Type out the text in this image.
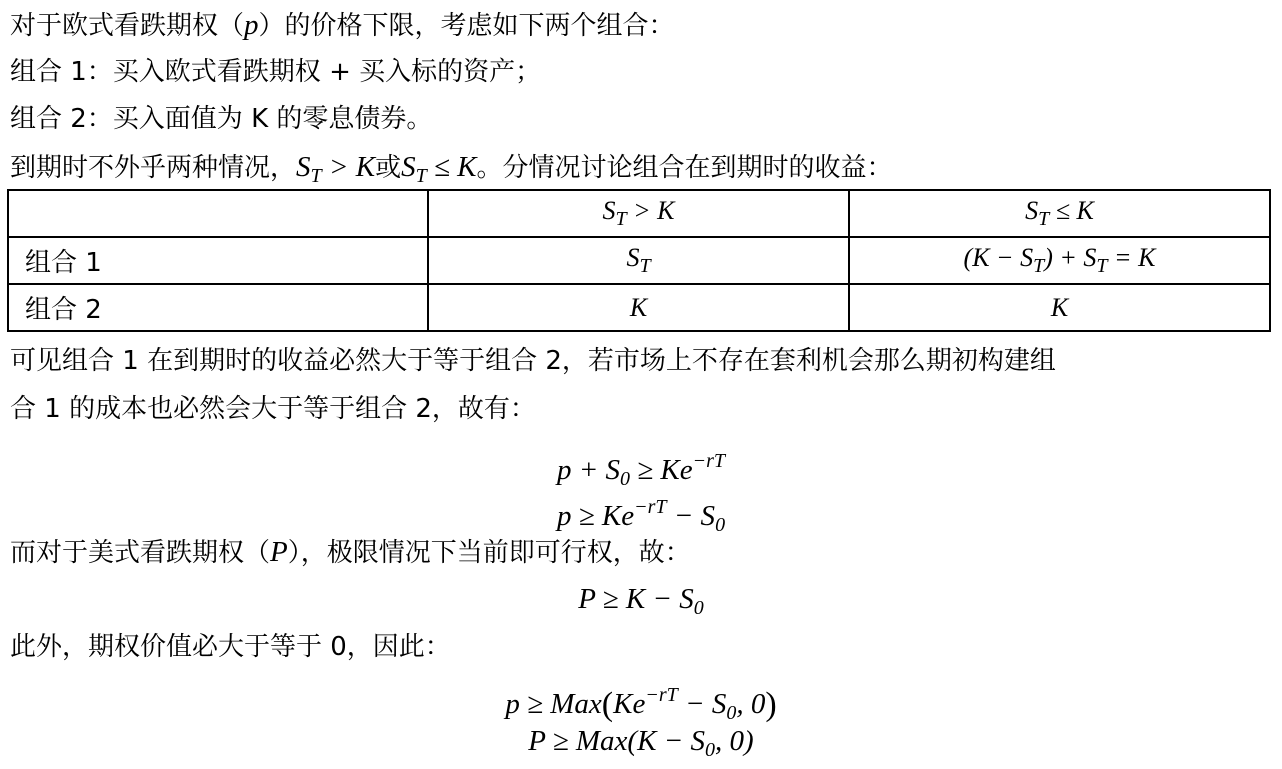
对于欧式看跌期权（p）的价格下限，考虑如下两个组合：
组合 1：买入欧式看跌期权 + 买入标的资产；
组合 2：买入面值为 K 的零息债券。
到期时不外乎两种情况，$S_T > K$或$S_T \le K$。分情况讨论组合在到期时的收益：
	$S_T > K$	$S_T \le K$
组合 1	$S_T$	$(K - S_T) + S_T = K$
组合 2	K	K
可见组合 1 在到期时的收益必然大于等于组合 2，若市场上不存在套利机会那么期初构建组
合 1 的成本也必然会大于等于组合 2，故有：
$p + S_0 \ge Ke^{-rT}$
$p \ge Ke^{-rT} - S_0$
而对于美式看跌期权（P），极限情况下当前即可行权，故：
$P \ge K - S_0$
此外，期权价值必大于等于 0，因此：
$p \ge Max(Ke^{-rT} - S_0$, 0)
$P \ge Max(K - S_0$, 0)
